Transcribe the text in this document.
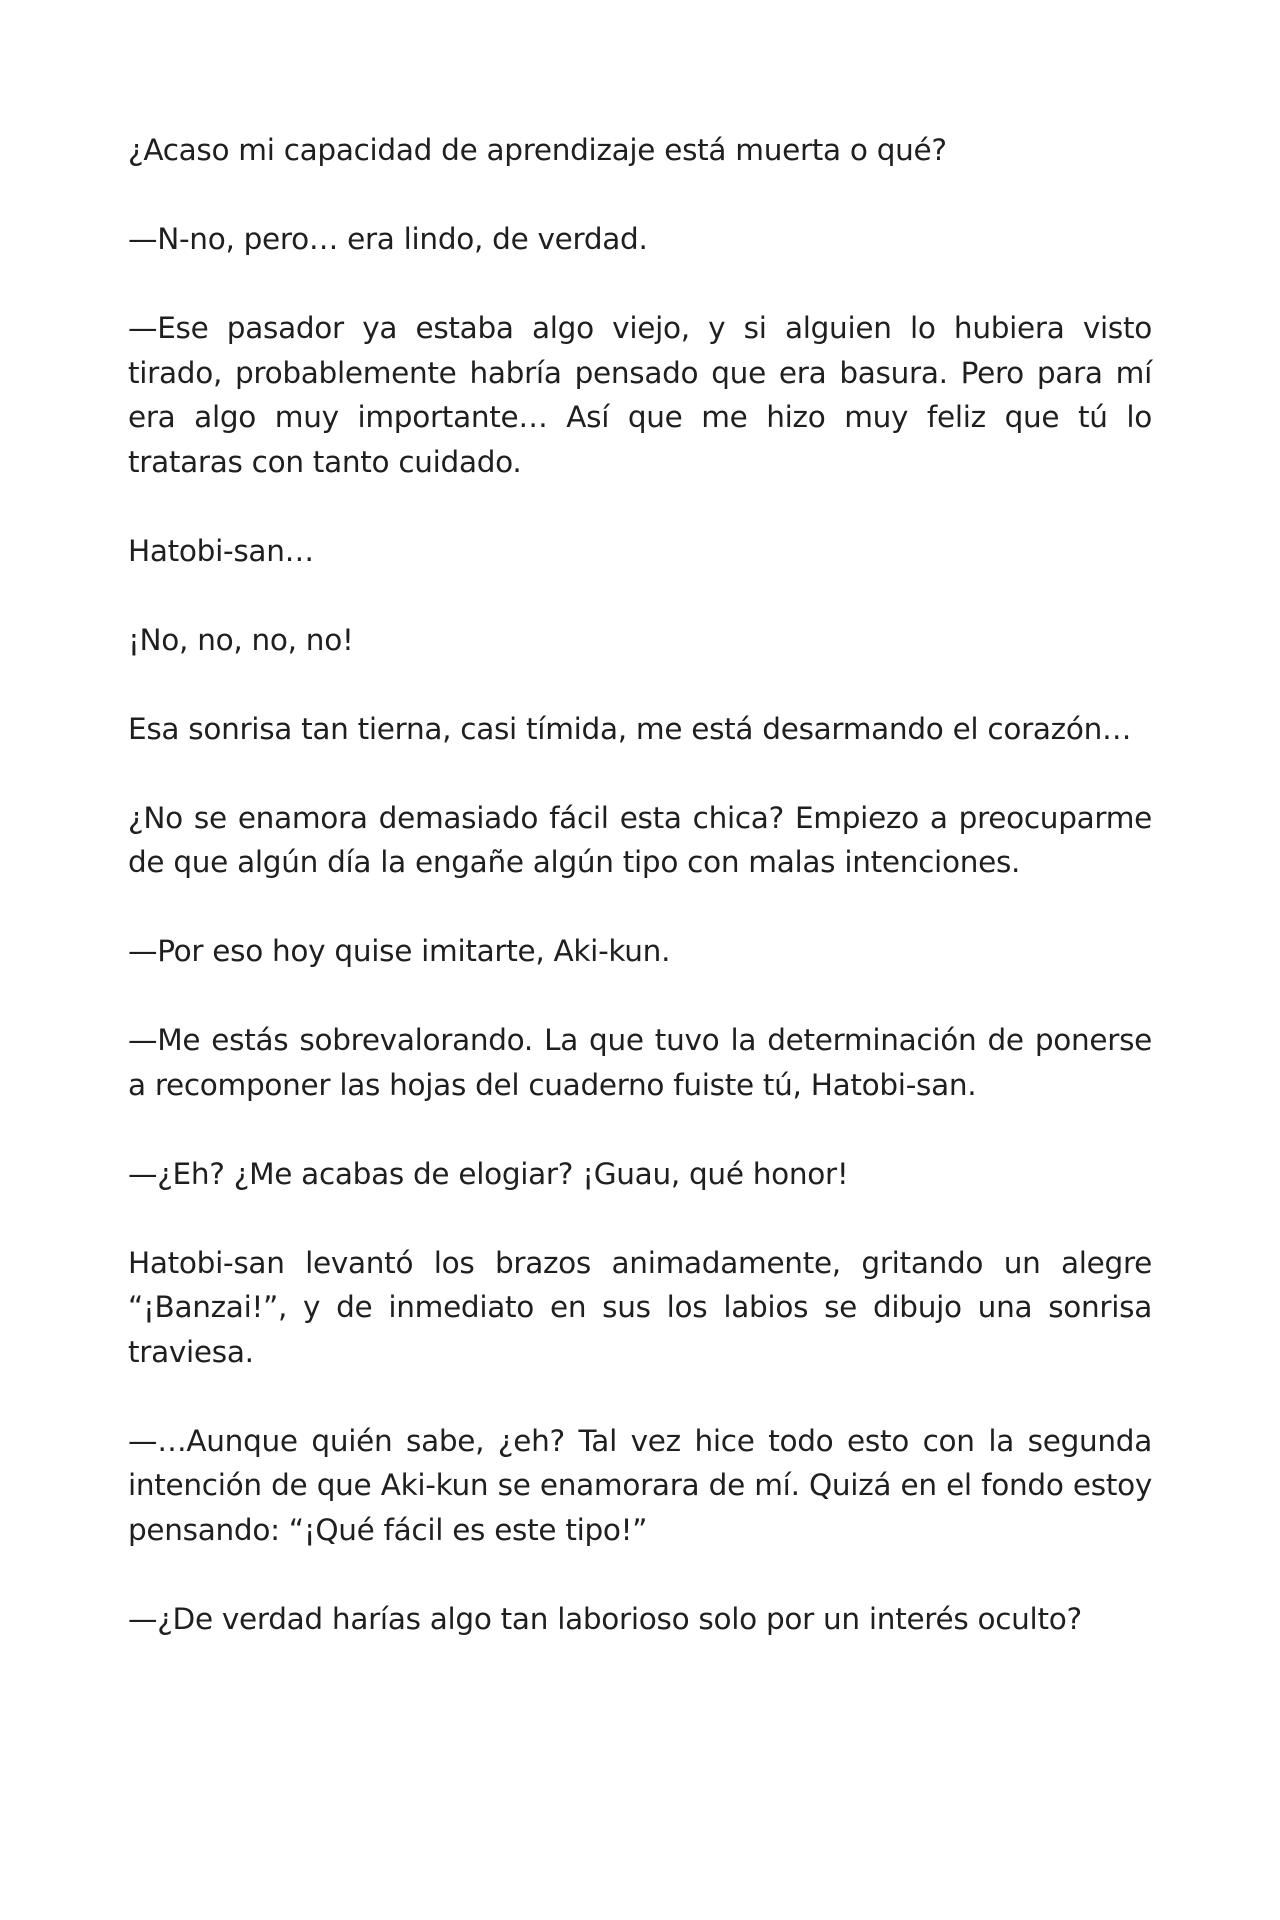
¿Acaso mi capacidad de aprendizaje está muerta o qué?

—N-no, pero… era lindo, de verdad.

—Ese pasador ya estaba algo viejo, y si alguien lo hubiera visto tirado, probablemente habría pensado que era basura. Pero para mí era algo muy importante… Así que me hizo muy feliz que tú lo trataras con tanto cuidado.

Hatobi-san…

¡No, no, no, no!

Esa sonrisa tan tierna, casi tímida, me está desarmando el corazón…

¿No se enamora demasiado fácil esta chica? Empiezo a preocuparme de que algún día la engañe algún tipo con malas intenciones.

—Por eso hoy quise imitarte, Aki-kun.

—Me estás sobrevalorando. La que tuvo la determinación de ponerse a recomponer las hojas del cuaderno fuiste tú, Hatobi-san.

—¿Eh? ¿Me acabas de elogiar? ¡Guau, qué honor!

Hatobi-san levantó los brazos animadamente, gritando un alegre “¡Banzai!”, y de inmediato en sus los labios se dibujo una sonrisa traviesa.

—…Aunque quién sabe, ¿eh? Tal vez hice todo esto con la segunda intención de que Aki-kun se enamorara de mí. Quizá en el fondo estoy pensando: “¡Qué fácil es este tipo!”

—¿De verdad harías algo tan laborioso solo por un interés oculto?
